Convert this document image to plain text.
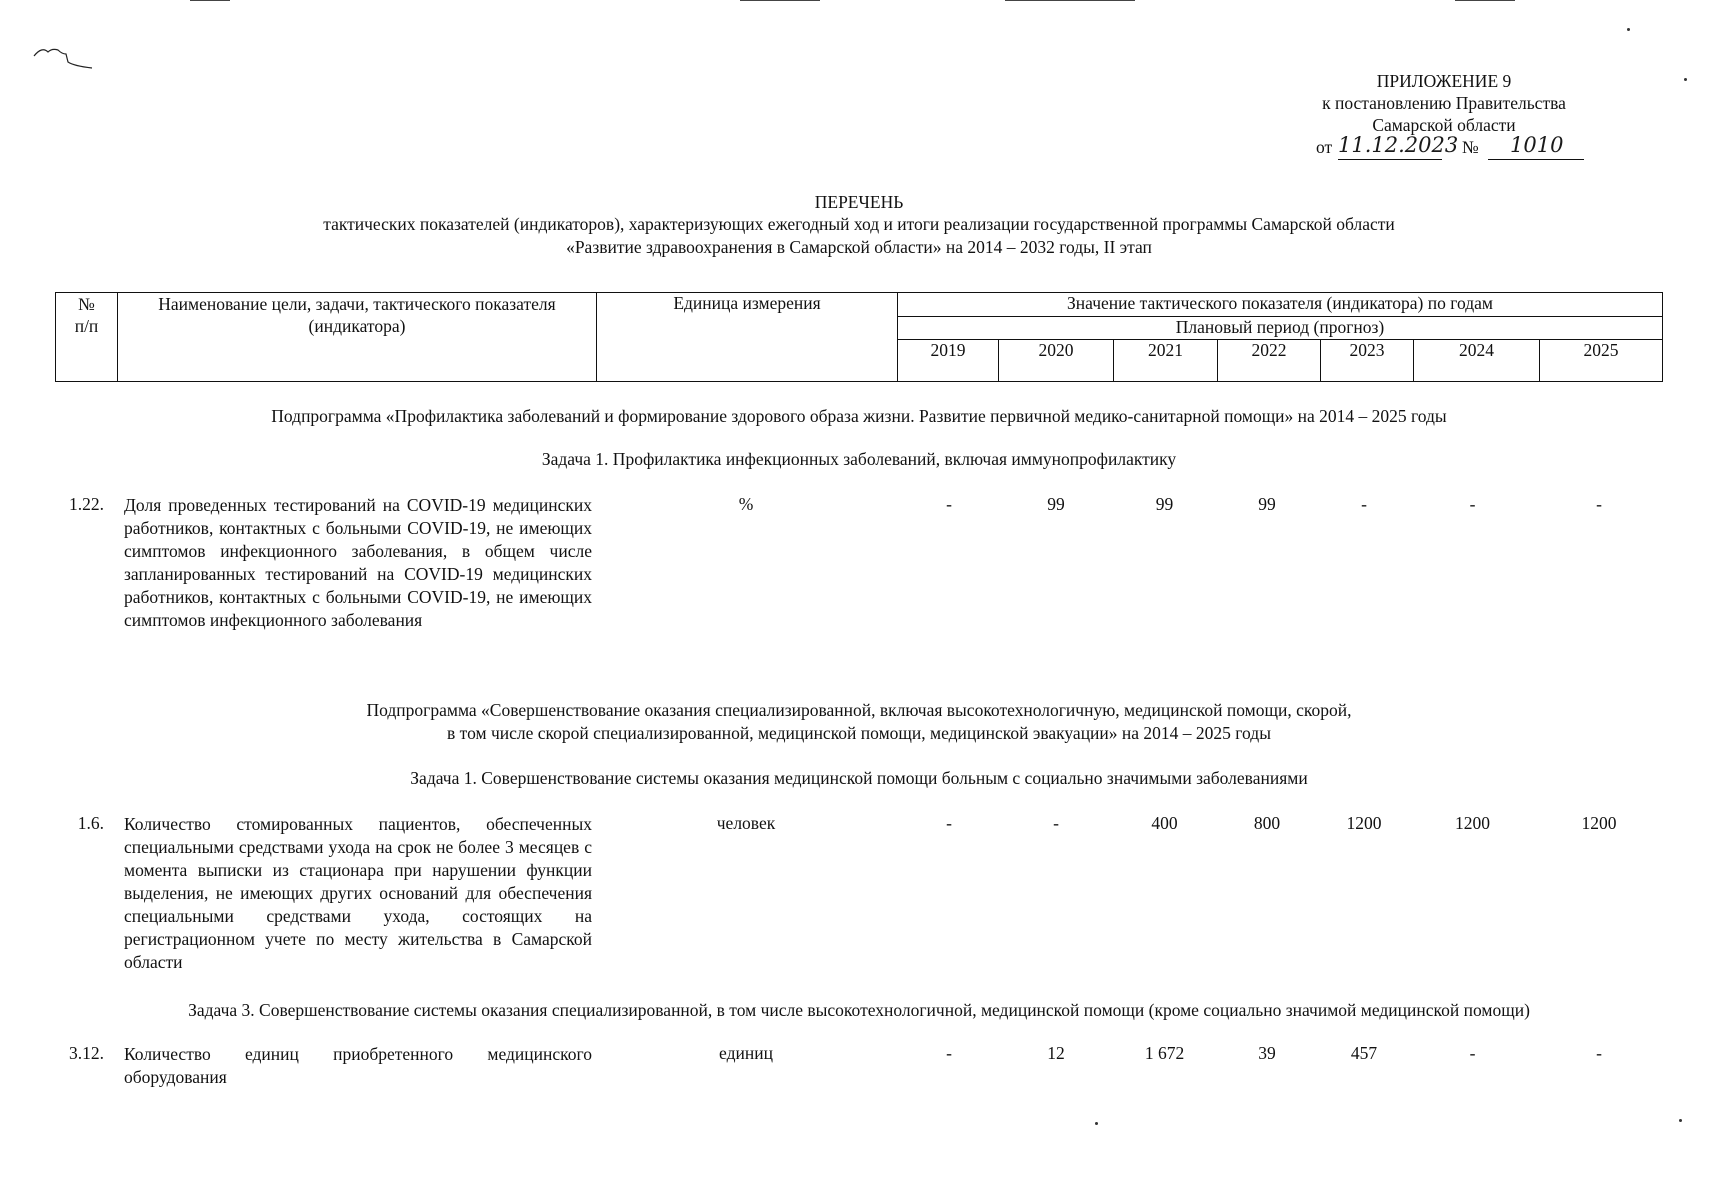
ПРИЛОЖЕНИЕ 9
к постановлению Правительства
Самарской области
от 11.12.2023 № 1010
ПЕРЕЧЕНЬ
тактических показателей (индикаторов), характеризующих ежегодный ход и итоги реализации государственной программы Самарской области
«Развитие здравоохранения в Самарской области» на 2014 – 2032 годы, II этап
№
п/п	Наименование цели, задачи, тактического показателя
(индикатора)	Единица измерения	Значение тактического показателя (индикатора) по годам						
			Плановый период (прогноз)						
			2019	2020	2021	2022	2023	2024	2025
Подпрограмма «Профилактика заболеваний и формирование здорового образа жизни. Развитие первичной медико-санитарной помощи» на 2014 – 2025 годы
Задача 1. Профилактика инфекционных заболеваний, включая иммунопрофилактику
1.22. Доля проведенных тестирований на COVID-19 медицинских работников, контактных с больными COVID-19, не имеющих симптомов инфекционного заболевания, в общем числе запланированных тестирований на COVID-19 медицинских работников, контактных с больными COVID-19, не имеющих симптомов инфекционного заболевания
%	-	99	99	99	-	-	-
Подпрограмма «Совершенствование оказания специализированной, включая высокотехнологичную, медицинской помощи, скорой,
в том числе скорой специализированной, медицинской помощи, медицинской эвакуации» на 2014 – 2025 годы
Задача 1. Совершенствование системы оказания медицинской помощи больным с социально значимыми заболеваниями
1.6. Количество стомированных пациентов, обеспеченных специальными средствами ухода на срок не более 3 месяцев с момента выписки из стационара при нарушении функции выделения, не имеющих других оснований для обеспечения специальными средствами ухода, состоящих на регистрационном учете по месту жительства в Самарской области
человек	-	-	400	800	1200	1200	1200
Задача 3. Совершенствование системы оказания специализированной, в том числе высокотехнологичной, медицинской помощи (кроме социально значимой медицинской помощи)
3.12. Количество единиц приобретенного медицинского оборудования
единиц	-	12	1 672	39	457	-	-
